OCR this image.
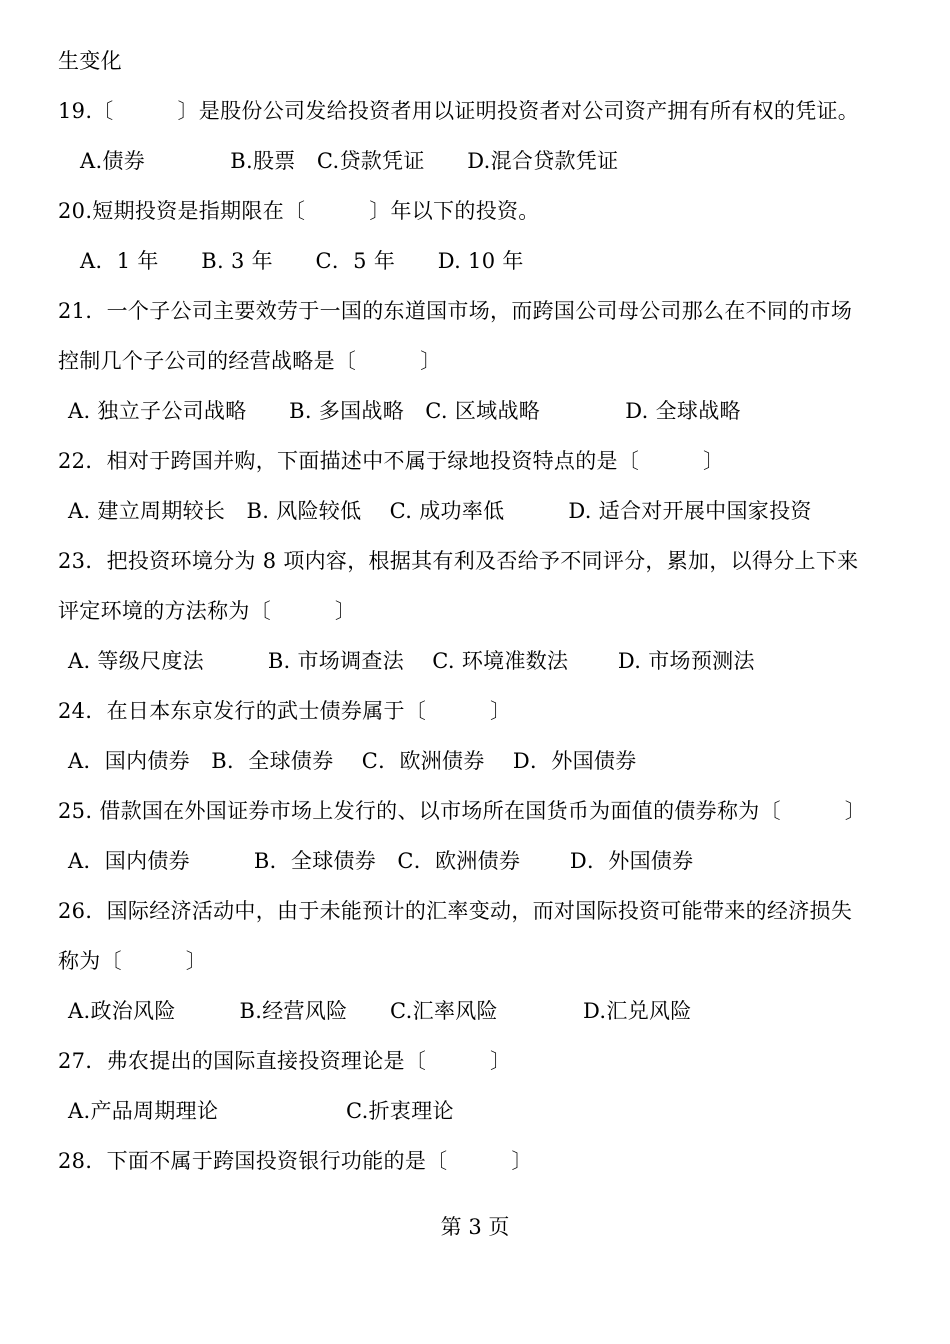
生变化
19.〔　　　〕是股份公司发给投资者用以证明投资者对公司资产拥有所有权的凭证。
A.债券　　　　B.股票　C.贷款凭证　　D.混合贷款凭证
20.短期投资是指期限在〔　　　〕年以下的投资。
A．1 年　　B. 3 年　　C．5 年　　D. 10 年
21．一个子公司主要效劳于一国的东道国市场，而跨国公司母公司那么在不同的市场
控制几个子公司的经营战略是〔　　　〕
A. 独立子公司战略　　B. 多国战略　C. 区域战略　　　　D. 全球战略
22．相对于跨国并购，下面描述中不属于绿地投资特点的是〔　　　〕
A. 建立周期较长　B. 风险较低　 C. 成功率低　　　D. 适合对开展中国家投资
23．把投资环境分为 8 项内容，根据其有利及否给予不同评分，累加，以得分上下来
评定环境的方法称为〔　　　〕
A. 等级尺度法　　　B. 市场调查法　 C. 环境准数法　　 D. 市场预测法
24．在日本东京发行的武士债券属于〔　　　〕
A．国内债券　B．全球债券　 C．欧洲债券　 D．外国债券
25. 借款国在外国证券市场上发行的、以市场所在国货币为面值的债券称为〔　　　〕
A．国内债券　　　B．全球债券　C．欧洲债券　　 D．外国债券
26．国际经济活动中，由于未能预计的汇率变动，而对国际投资可能带来的经济损失
称为〔　　　〕
A.政治风险　　　B.经营风险　　C.汇率风险　　　　D.汇兑风险
27．弗农提出的国际直接投资理论是〔　　　〕
A.产品周期理论　　　　　　C.折衷理论
28．下面不属于跨国投资银行功能的是〔　　　〕
第 3 页
